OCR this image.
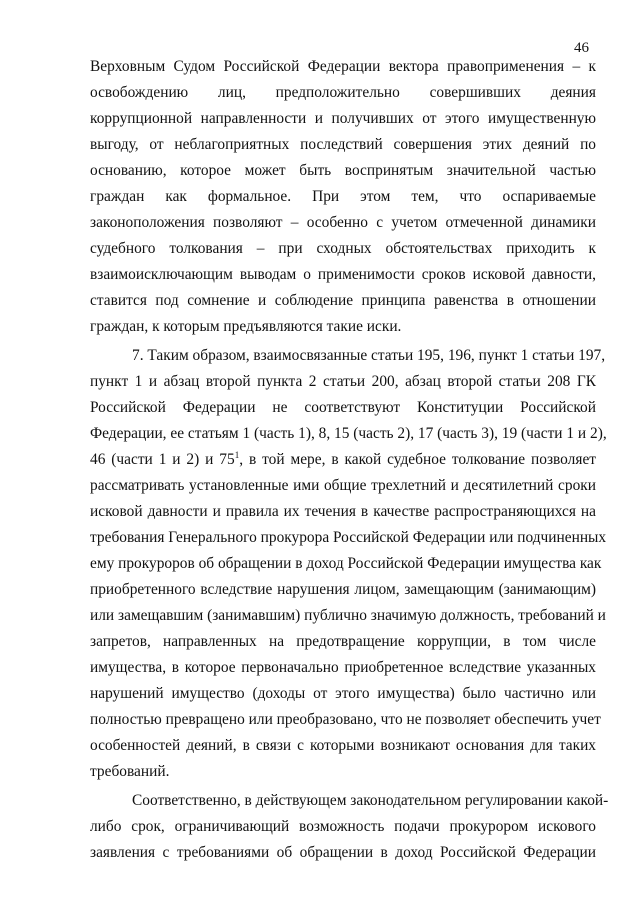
46
Верховным Судом Российской Федерации вектора правоприменения – к
освобождению лиц, предположительно совершивших деяния
коррупционной направленности и получивших от этого имущественную
выгоду, от неблагоприятных последствий совершения этих деяний по
основанию, которое может быть воспринятым значительной частью
граждан как формальное. При этом тем, что оспариваемые
законоположения позволяют – особенно с учетом отмеченной динамики
судебного толкования – при сходных обстоятельствах приходить к
взаимоисключающим выводам о применимости сроков исковой давности,
ставится под сомнение и соблюдение принципа равенства в отношении
граждан, к которым предъявляются такие иски.
7. Таким образом, взаимосвязанные статьи 195, 196, пункт 1 статьи 197,
пункт 1 и абзац второй пункта 2 статьи 200, абзац второй статьи 208 ГК
Российской Федерации не соответствуют Конституции Российской
Федерации, ее статьям 1 (часть 1), 8, 15 (часть 2), 17 (часть 3), 19 (части 1 и 2),
46 (части 1 и 2) и $75^1$, в той мере, в какой судебное толкование позволяет
рассматривать установленные ими общие трехлетний и десятилетний сроки
исковой давности и правила их течения в качестве распространяющихся на
требования Генерального прокурора Российской Федерации или подчиненных
ему прокуроров об обращении в доход Российской Федерации имущества как
приобретенного вследствие нарушения лицом, замещающим (занимающим)
или замещавшим (занимавшим) публично значимую должность, требований и
запретов, направленных на предотвращение коррупции, в том числе
имущества, в которое первоначально приобретенное вследствие указанных
нарушений имущество (доходы от этого имущества) было частично или
полностью превращено или преобразовано, что не позволяет обеспечить учет
особенностей деяний, в связи с которыми возникают основания для таких
требований.
Соответственно, в действующем законодательном регулировании какой-
либо срок, ограничивающий возможность подачи прокурором искового
заявления с требованиями об обращении в доход Российской Федерации
